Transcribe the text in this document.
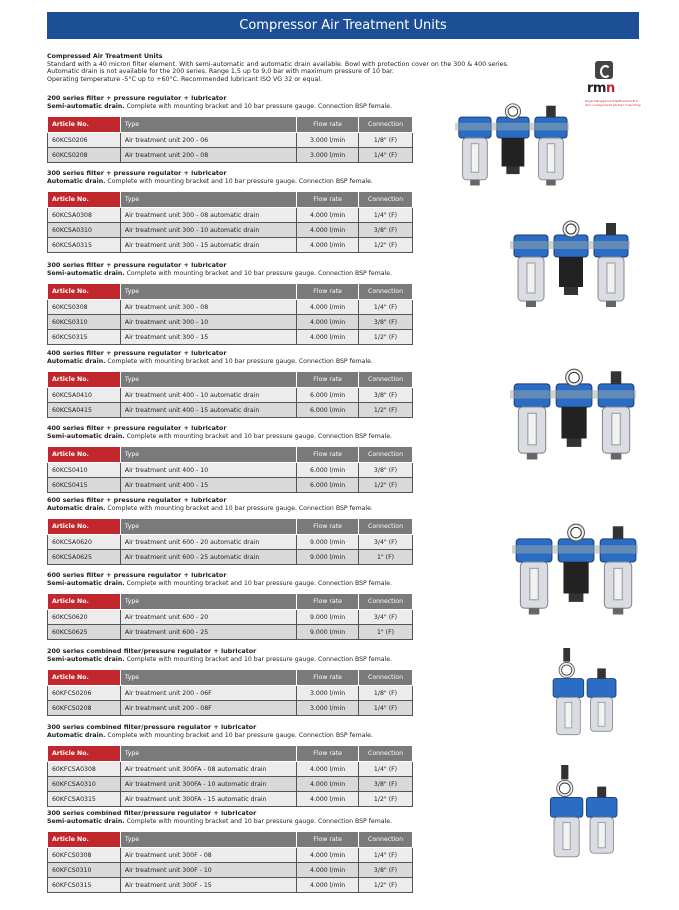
Compressor Air Treatment Units
Compressed Air Treatment Units
Standard with a 40 micron filter element. With semi-automatic and automatic drain available. Bowl with protection cover on the 300 & 400 series.
Automatic drain is not available for the 200 series. Range 1,5 up to 9,0 bar with maximum pressure of 10 bar.
Operating temperature -5°C up to +60°C. Recommended lubricant ISO VG 32 or equal.
rmn
Royal Management Netherland B.V. Your consignment partner in building
200 series filter + pressure regulator + lubricator
Semi-automatic drain. Complete with mounting bracket and 10 bar pressure gauge. Connection BSP female.
Article No.	Type	Flow rate	Connection
60KCS0206	Air treatment unit 200 - 06	3.000 l/min	1/8" (F)
60KCS0208	Air treatment unit 200 - 08	3.000 l/min	1/4" (F)
300 series filter + pressure regulator + lubricator
Automatic drain. Complete with mounting bracket and 10 bar pressure gauge. Connection BSP female.
Article No.	Type	Flow rate	Connection
60KCSA0308	Air treatment unit 300 - 08 automatic drain	4.000 l/min	1/4" (F)
60KCSA0310	Air treatment unit 300 - 10 automatic drain	4.000 l/min	3/8" (F)
60KCSA0315	Air treatment unit 300 - 15 automatic drain	4.000 l/min	1/2" (F)
300 series filter + pressure regulator + lubricator
Semi-automatic drain. Complete with mounting bracket and 10 bar pressure gauge. Connection BSP female.
Article No.	Type	Flow rate	Connection
60KCS0308	Air treatment unit 300 - 08	4.000 l/min	1/4" (F)
60KCS0310	Air treatment unit 300 - 10	4.000 l/min	3/8" (F)
60KCS0315	Air treatment unit 300 - 15	4.000 l/min	1/2" (F)
400 series filter + pressure regulator + lubricator
Automatic drain. Complete with mounting bracket and 10 bar pressure gauge. Connection BSP female.
Article No.	Type	Flow rate	Connection
60KCSA0410	Air treatment unit 400 - 10 automatic drain	6.000 l/min	3/8" (F)
60KCSA0415	Air treatment unit 400 - 15 automatic drain	6.000 l/min	1/2" (F)
400 series filter + pressure regulator + lubricator
Semi-automatic drain. Complete with mounting bracket and 10 bar pressure gauge. Connection BSP female.
Article No.	Type	Flow rate	Connection
60KCS0410	Air treatment unit 400 - 10	6.000 l/min	3/8" (F)
60KCS0415	Air treatment unit 400 - 15	6.000 l/min	1/2" (F)
600 series filter + pressure regulator + lubricator
Automatic drain. Complete with mounting bracket and 10 bar pressure gauge. Connection BSP female.
Article No.	Type	Flow rate	Connection
60KCSA0620	Air treatment unit 600 - 20 automatic drain	9.000 l/min	3/4" (F)
60KCSA0625	Air treatment unit 600 - 25 automatic drain	9.000 l/min	1" (F)
600 series filter + pressure regulator + lubricator
Semi-automatic drain. Complete with mounting bracket and 10 bar pressure gauge. Connection BSP female.
Article No.	Type	Flow rate	Connection
60KCS0620	Air treatment unit 600 - 20	9.000 l/min	3/4" (F)
60KCS0625	Air treatment unit 600 - 25	9.000 l/min	1" (F)
200 series combined filter/pressure regulator + lubricator
Semi-automatic drain. Complete with mounting bracket and 10 bar pressure gauge. Connection BSP female.
Article No.	Type	Flow rate	Connection
60KFCS0206	Air treatment unit 200 - 06F	3.000 l/min	1/8" (F)
60KFCS0208	Air treatment unit 200 - 08F	3.000 l/min	1/4" (F)
300 series combined filter/pressure regulator + lubricator
Automatic drain. Complete with mounting bracket and 10 bar pressure gauge. Connection BSP female.
Article No.	Type	Flow rate	Connection
60KFCSA0308	Air treatment unit 300FA - 08 automatic drain	4.000 l/min	1/4" (F)
60KFCSA0310	Air treatment unit 300FA - 10 automatic drain	4.000 l/min	3/8" (F)
60KFCSA0315	Air treatment unit 300FA - 15 automatic drain	4.000 l/min	1/2" (F)
300 series combined filter/pressure regulator + lubricator
Semi-automatic drain. Complete with mounting bracket and 10 bar pressure gauge. Connection BSP female.
Article No.	Type	Flow rate	Connection
60KFCS0308	Air treatment unit 300F - 08	4.000 l/min	1/4" (F)
60KFCS0310	Air treatment unit 300F - 10	4.000 l/min	3/8" (F)
60KFCS0315	Air treatment unit 300F - 15	4.000 l/min	1/2" (F)
